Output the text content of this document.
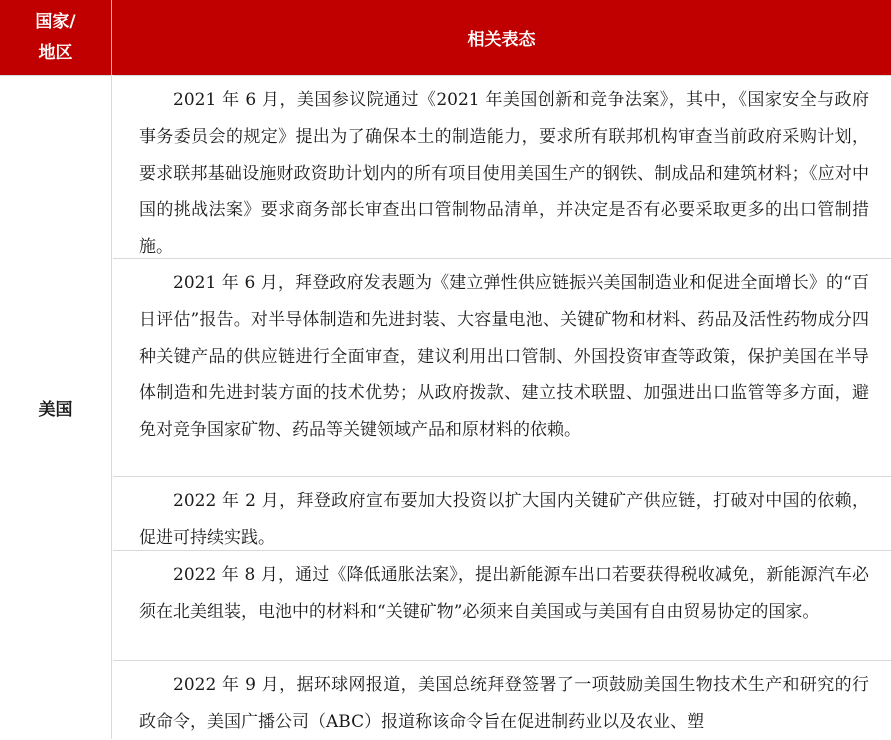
国家/
地区
相关表态
美国
2021 年 6 月，美国参议院通过《2021 年美国创新和竞争法案》，其中，《国家安全与政府事务委员会的规定》提出为了确保本土的制造能力，要求所有联邦机构审查当前政府采购计划，要求联邦基础设施财政资助计划内的所有项目使用美国生产的钢铁、制成品和建筑材料；《应对中国的挑战法案》要求商务部长审查出口管制物品清单，并决定是否有必要采取更多的出口管制措施。
2021 年 6 月，拜登政府发表题为《建立弹性供应链振兴美国制造业和促进全面增长》的“百日评估”报告。对半导体制造和先进封装、大容量电池、关键矿物和材料、药品及活性药物成分四种关键产品的供应链进行全面审查，建议利用出口管制、外国投资审查等政策，保护美国在半导体制造和先进封装方面的技术优势；从政府拨款、建立技术联盟、加强进出口监管等多方面，避免对竞争国家矿物、药品等关键领域产品和原材料的依赖。
2022 年 2 月，拜登政府宣布要加大投资以扩大国内关键矿产供应链，打破对中国的依赖，促进可持续实践。
2022 年 8 月，通过《降低通胀法案》，提出新能源车出口若要获得税收减免，新能源汽车必须在北美组装，电池中的材料和“关键矿物”必须来自美国或与美国有自由贸易协定的国家。
2022 年 9 月，据环球网报道，美国总统拜登签署了一项鼓励美国生物技术生产和研究的行政命令，美国广播公司（ABC）报道称该命令旨在促进制药业以及农业、塑
